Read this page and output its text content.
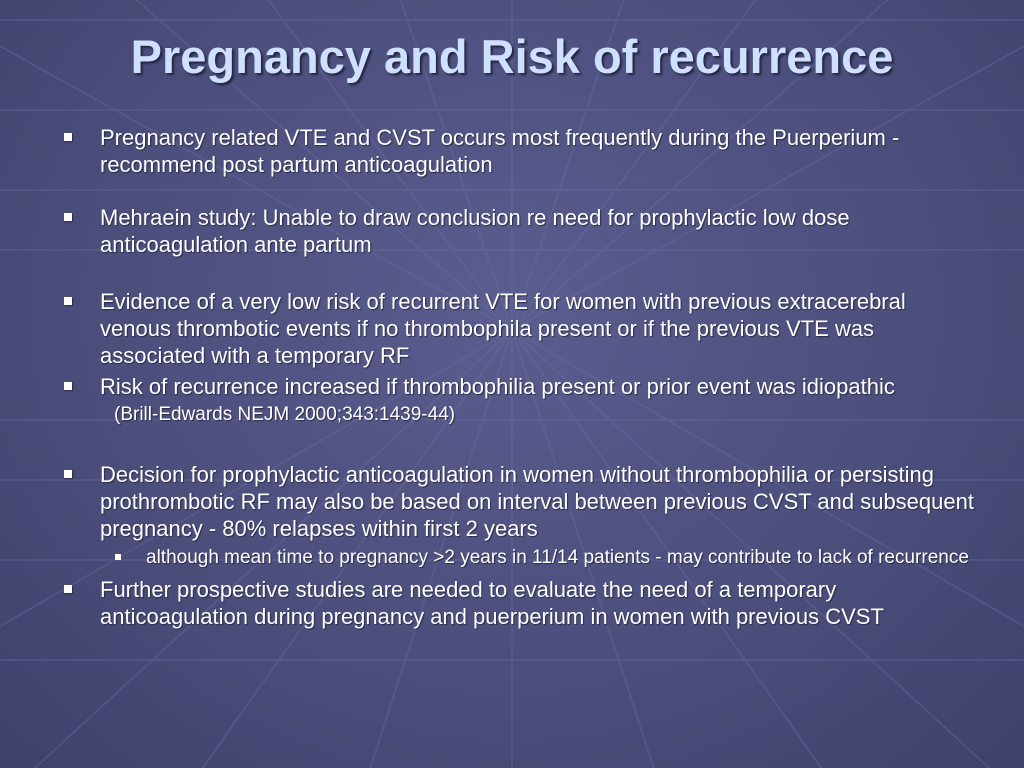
Pregnancy and Risk of recurrence

Pregnancy related VTE and CVST occurs most frequently during the Puerperium - recommend post partum anticoagulation

Mehraein study: Unable to draw conclusion re need for prophylactic low dose anticoagulation ante partum

Evidence of a very low risk of recurrent VTE for women with previous extracerebral venous thrombotic events if no thrombophila present or if the previous VTE was associated with a temporary RF

Risk of recurrence increased if thrombophilia present or prior event was idiopathic

(Brill-Edwards NEJM 2000;343:1439-44)

Decision for prophylactic anticoagulation in women without thrombophilia or persisting prothrombotic RF may also be based on interval between previous CVST and subsequent pregnancy - 80% relapses within first 2 years

although mean time to pregnancy >2 years in 11/14 patients - may contribute to lack of recurrence

Further prospective studies are needed to evaluate the need of a temporary anticoagulation during pregnancy and puerperium in women with previous CVST
